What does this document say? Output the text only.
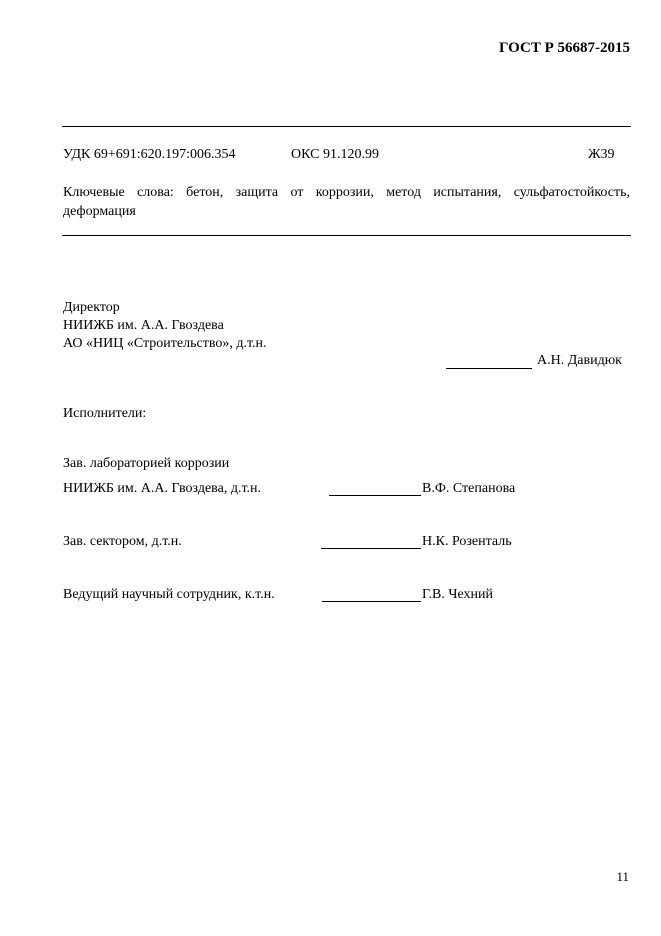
ГОСТ Р 56687-2015
УДК 69+691:620.197:006.354	ОКС 91.120.99	Ж39
Ключевые слова: бетон, защита от коррозии, метод испытания, сульфатостойкость, деформация
Директор
НИИЖБ им. А.А. Гвоздева
АО «НИЦ «Строительство», д.т.н.
А.Н. Давидюк
Исполнители:
Зав. лабораторией коррозии
НИИЖБ им. А.А. Гвоздева, д.т.н.	В.Ф. Степанова
Зав. сектором, д.т.н.	Н.К. Розенталь
Ведущий научный сотрудник, к.т.н.	Г.В. Чехний
11
